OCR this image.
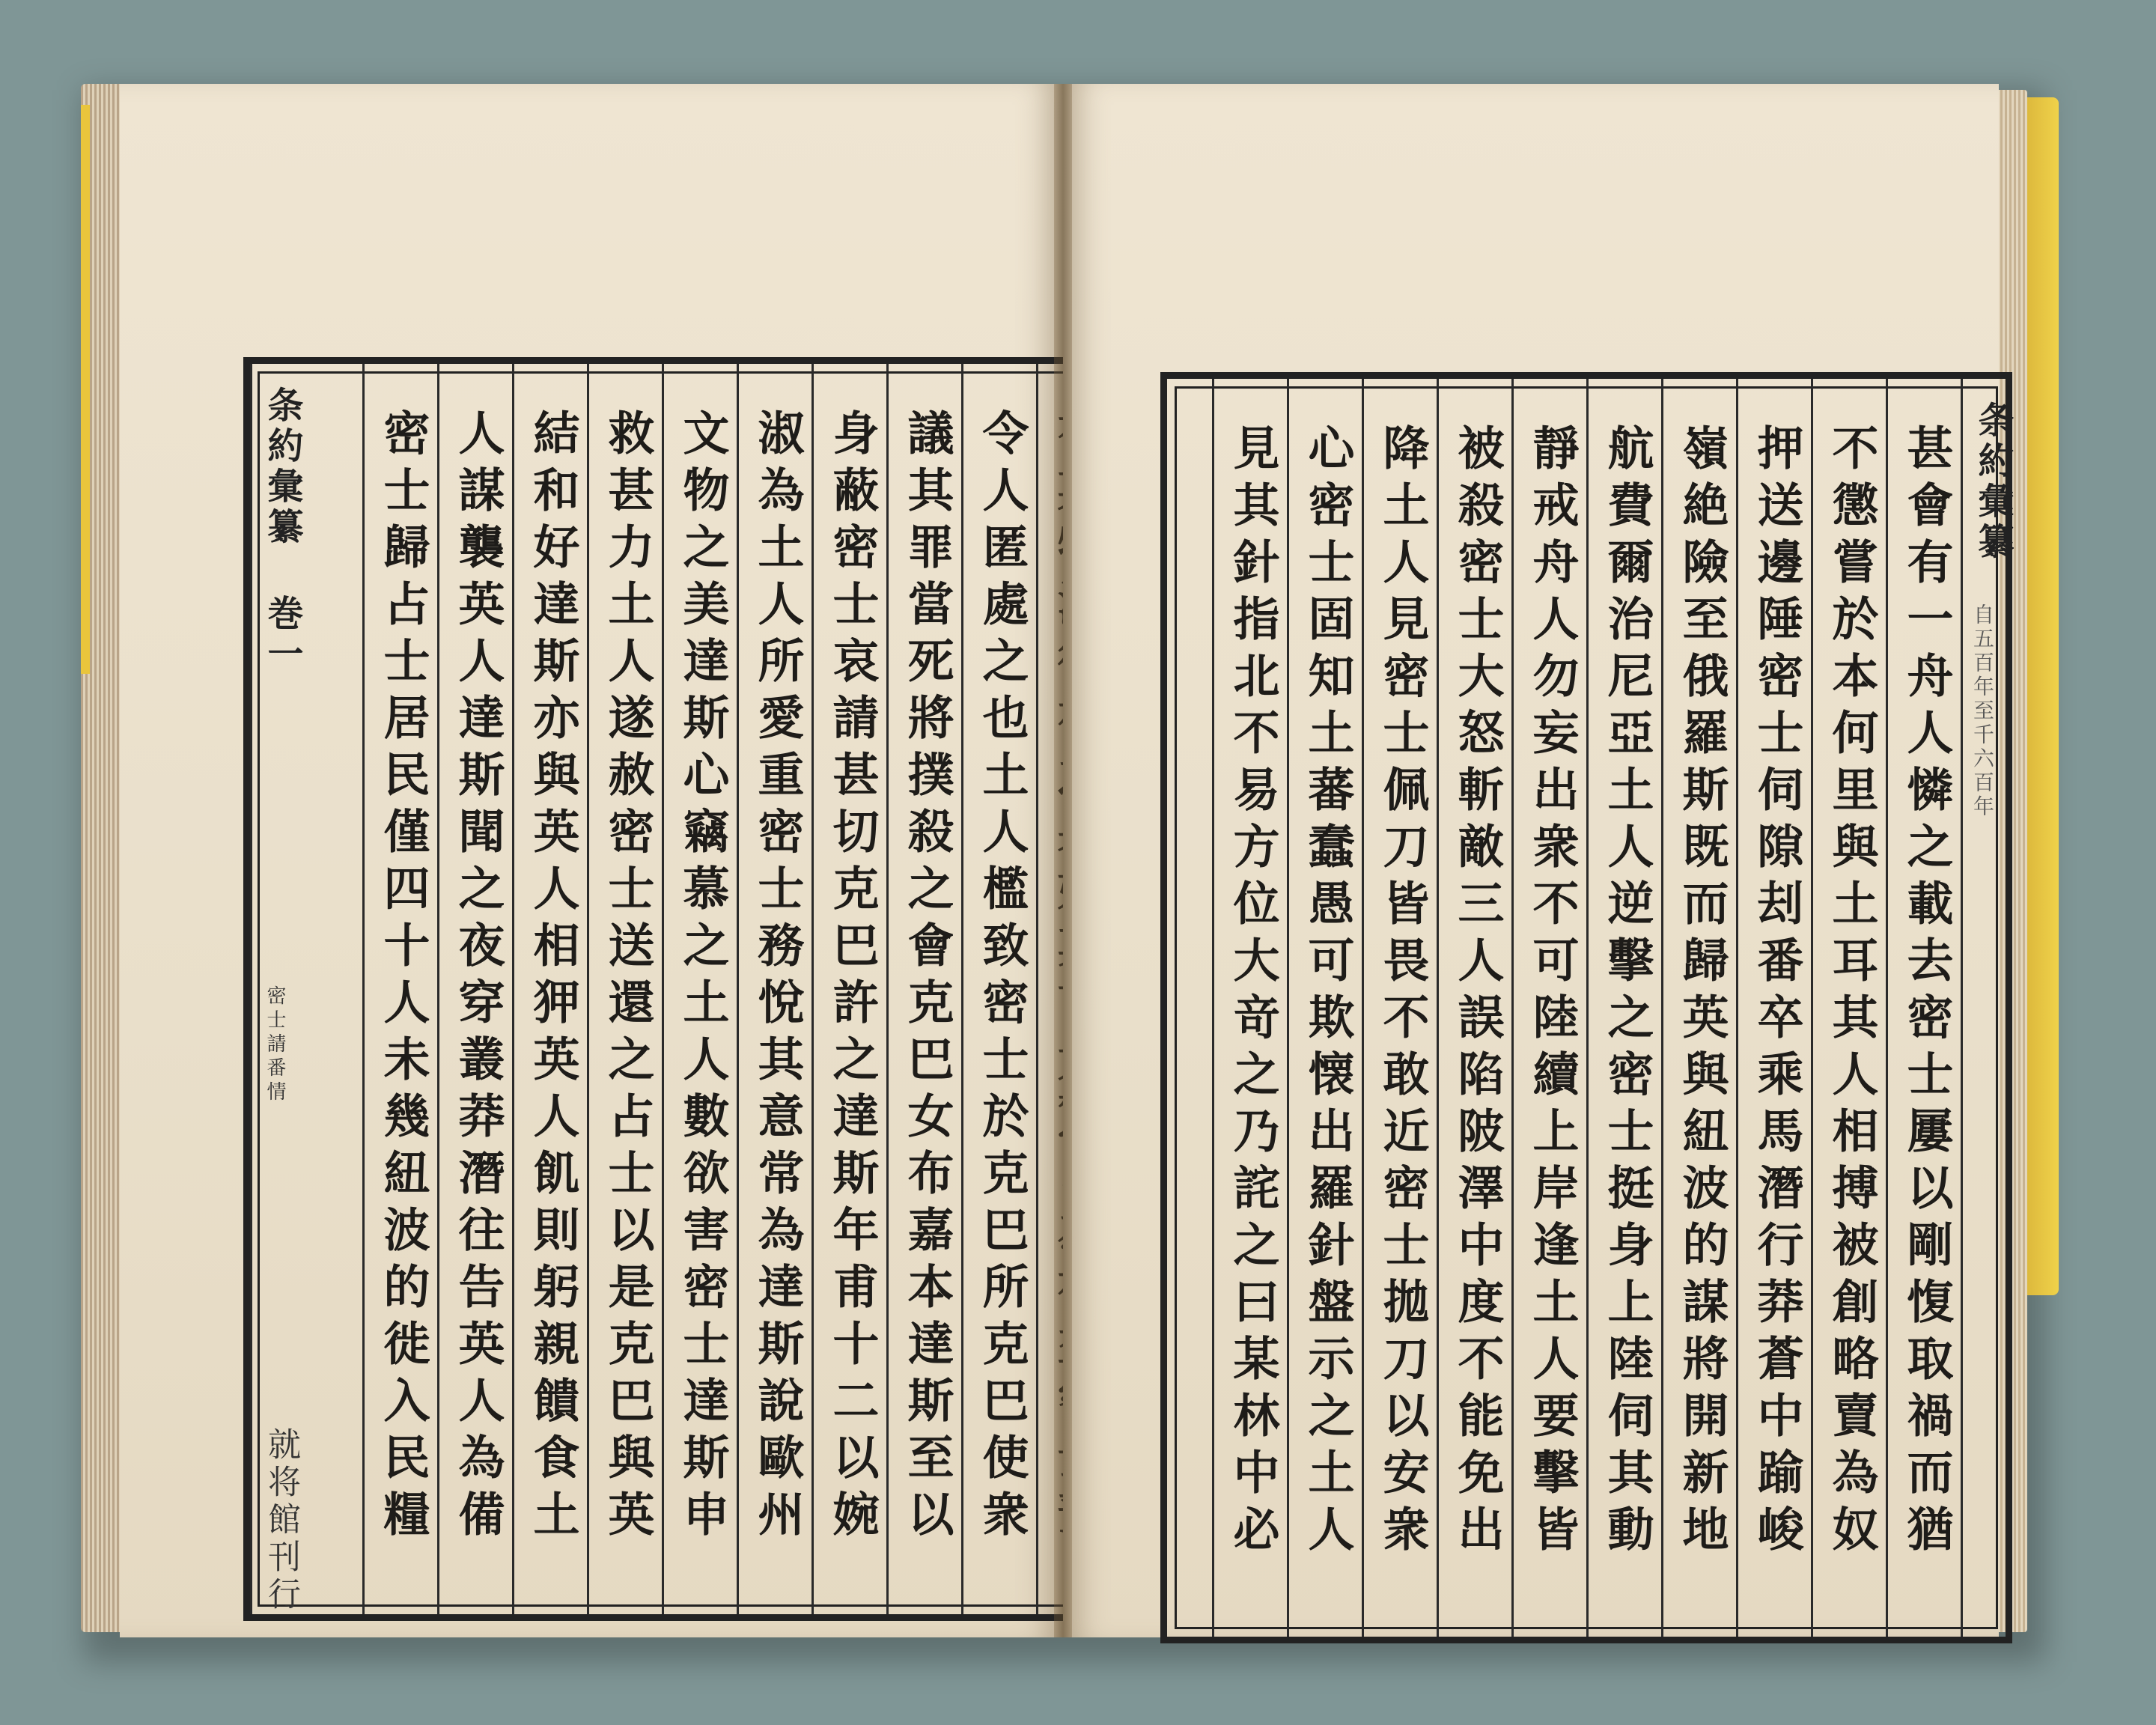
令人匿處之也土人檻致密士於克巴所克巴使衆
議其罪當死將撲殺之會克巴女布嘉本達斯至以
身蔽密士哀請甚切克巴許之達斯年甫十二以婉
淑為土人所愛重密士務悅其意常為達斯說歐州
文物之美達斯心竊慕之土人數欲害密士達斯申
救甚力土人遂赦密士送還之占士以是克巴與英
結和好達斯亦與英人相狎英人飢則躬親饋食土
人謀襲英人達斯聞之夜穿叢莽潛往告英人為備
密士歸占士居民僅四十人未幾紐波的徙入民糧
条約彙纂 巻一
密士請番情
就将館刊行	甚會有一舟人憐之載去密士屢以剛愎取禍而猶
不懲嘗於本何里與土耳其人相搏被創略賣為奴
押送邊陲密士伺隙刦番卒乘馬潛行莽蒼中踰峻
嶺絶險至俄羅斯既而歸英與紐波的謀將開新地
航費爾治尼亞土人逆擊之密士挺身上陸伺其動
靜戒舟人勿妄出衆不可陸續上岸逢土人要擊皆
被殺密士大怒斬敵三人誤陷陂澤中度不能免出
降土人見密士佩刀皆畏不敢近密士拋刀以安衆
心密士固知土蕃蠢愚可欺懐出羅針盤示之土人
見其針指北不易方位大竒之乃詫之曰某林中必	条約彙纂
自五百年至千六百年
